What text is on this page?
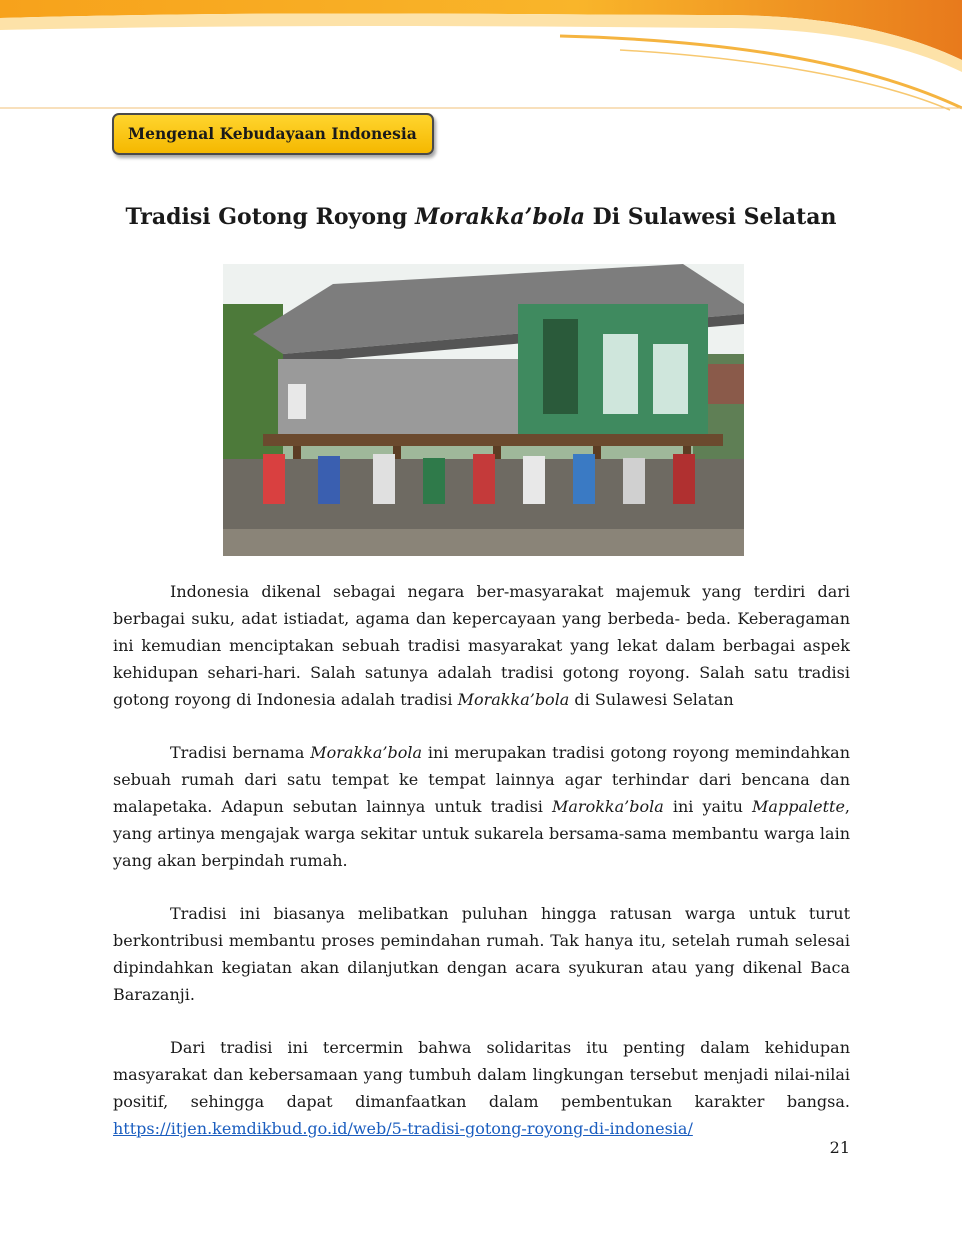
Mengenal Kebudayaan Indonesia
Tradisi Gotong Royong Morakka’bola Di Sulawesi Selatan

Indonesia dikenal sebagai negara ber-masyarakat majemuk yang terdiri dari berbagai suku, adat istiadat, agama dan kepercayaan yang berbeda- beda. Keberagaman ini kemudian menciptakan sebuah tradisi masyarakat yang lekat dalam berbagai aspek kehidupan sehari-hari. Salah satunya adalah tradisi gotong royong. Salah satu tradisi gotong royong di Indonesia adalah tradisi Morakka’bola di Sulawesi Selatan

Tradisi bernama Morakka’bola ini merupakan tradisi gotong royong memindahkan sebuah rumah dari satu tempat ke tempat lainnya agar terhindar dari bencana dan malapetaka. Adapun sebutan lainnya untuk tradisi Marokka’bola ini yaitu Mappalette, yang artinya mengajak warga sekitar untuk sukarela bersama-sama membantu warga lain yang akan berpindah rumah.

Tradisi ini biasanya melibatkan puluhan hingga ratusan warga untuk turut berkontribusi membantu proses pemindahan rumah. Tak hanya itu, setelah rumah selesai dipindahkan kegiatan akan dilanjutkan dengan acara syukuran atau yang dikenal Baca Barazanji.

Dari tradisi ini tercermin bahwa solidaritas itu penting dalam kehidupan masyarakat dan kebersamaan yang tumbuh dalam lingkungan tersebut menjadi nilai-nilai positif, sehingga dapat dimanfaatkan dalam pembentukan karakter bangsa. https://itjen.kemdikbud.go.id/web/5-tradisi-gotong-royong-di-indonesia/

21
